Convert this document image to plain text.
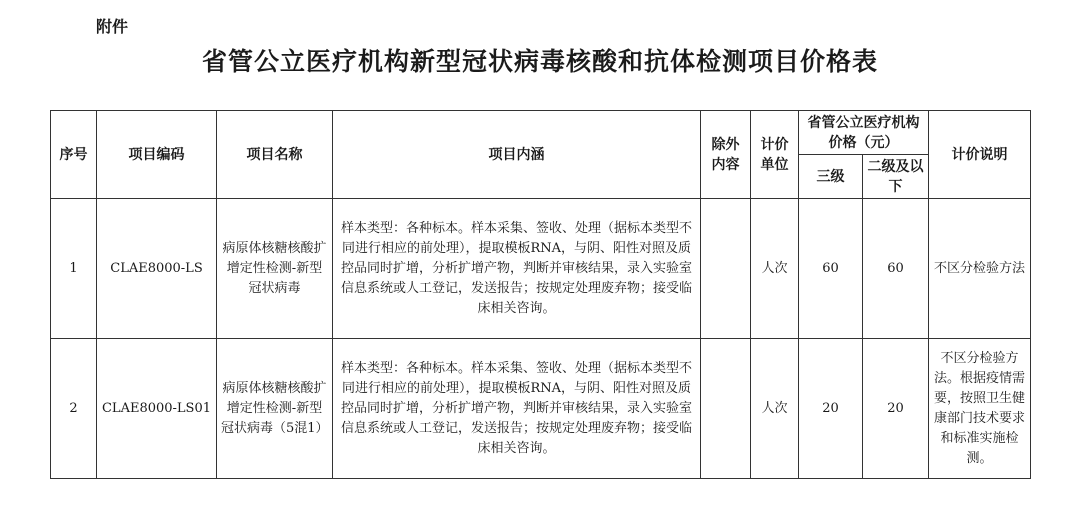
附件
省管公立医疗机构新型冠状病毒核酸和抗体检测项目价格表
序号	项目编码	项目名称	项目内涵	除外内容	计价单位	省管公立医疗机构价格（元）		计价说明
						三级	二级及以下	
1	CLAE8000-LS	病原体核糖核酸扩增定性检测-新型冠状病毒	样本类型：各种标本。样本采集、签收、处理（据标本类型不同进行相应的前处理），提取模板RNA，与阴、阳性对照及质控品同时扩增，分析扩增产物，判断并审核结果，录入实验室信息系统或人工登记，发送报告；按规定处理废弃物；接受临床相关咨询。		人次	60	60	不区分检验方法
2	CLAE8000-LS01	病原体核糖核酸扩增定性检测-新型冠状病毒（5混1）	样本类型：各种标本。样本采集、签收、处理（据标本类型不同进行相应的前处理），提取模板RNA，与阴、阳性对照及质控品同时扩增，分析扩增产物，判断并审核结果，录入实验室信息系统或人工登记，发送报告；按规定处理废弃物；接受临床相关咨询。		人次	20	20	不区分检验方法。根据疫情需要，按照卫生健康部门技术要求和标准实施检测。
